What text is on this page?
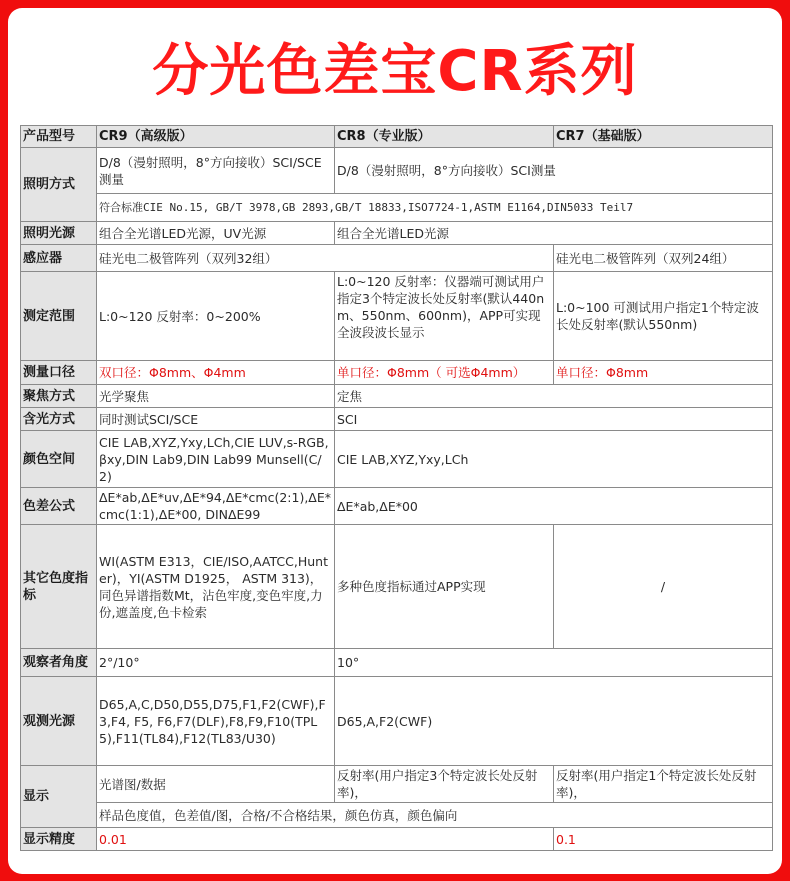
分光色差宝CR系列
产品型号	CR9（高级版）	CR8（专业版）	CR7（基础版）
照明方式	D/8（漫射照明，8°方向接收）SCI/SCE测量	D/8（漫射照明，8°方向接收）SCI测量	
	符合标准CIE No.15, GB/T 3978,GB 2893,GB/T 18833,ISO7724-1,ASTM E1164,DIN5033 Teil7		
照明光源	组合全光谱LED光源，UV光源	组合全光谱LED光源	
感应器	硅光电二极管阵列（双列32组）		硅光电二极管阵列（双列24组）
测定范围	L:0~120 反射率：0~200%	L:0~120 反射率：仪器端可测试用户指定3个特定波长处反射率(默认440nm、550nm、600nm)，APP可实现全波段波长显示	L:0~100 可测试用户指定1个特定波长处反射率(默认550nm)
测量口径	双口径：Φ8mm、Φ4mm	单口径：Φ8mm（ 可选Φ4mm）	单口径：Φ8mm
聚焦方式	光学聚焦	定焦	
含光方式	同时测试SCI/SCE	SCI	
颜色空间	CIE LAB,XYZ,Yxy,LCh,CIE LUV,s-RGB,βxy,DIN Lab9,DIN Lab99 Munsell(C/2)	CIE LAB,XYZ,Yxy,LCh	
色差公式	ΔE*ab,ΔE*uv,ΔE*94,ΔE*cmc(2:1),ΔE*cmc(1:1),ΔE*00, DINΔE99	ΔE*ab,ΔE*00	
其它色度指标	WI(ASTM E313，CIE/ISO,AATCC,Hunter)，YI(ASTM D1925， ASTM 313)，同色异谱指数Mt，沾色牢度,变色牢度,力份,遮盖度,色卡检索	多种色度指标通过APP实现	/
观察者角度	2°/10°	10°	
观测光源	D65,A,C,D50,D55,D75,F1,F2(CWF),F3,F4, F5, F6,F7(DLF),F8,F9,F10(TPL5),F11(TL84),F12(TL83/U30)	D65,A,F2(CWF)	
显示	光谱图/数据	反射率(用户指定3个特定波长处反射率)，	反射率(用户指定1个特定波长处反射率)，
	样品色度值，色差值/图，合格/不合格结果，颜色仿真，颜色偏向		
显示精度	0.01		0.1
